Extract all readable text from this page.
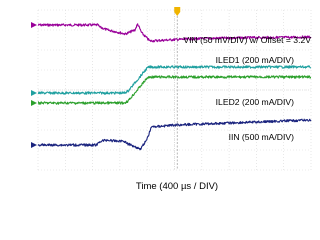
VIN (50 mV/DIV) w/ Offset = 3.2V
ILED1 (200 mA/DIV)
ILED2 (200 mA/DIV)
IIN (500 mA/DIV)
Time (400 µs / DIV)
